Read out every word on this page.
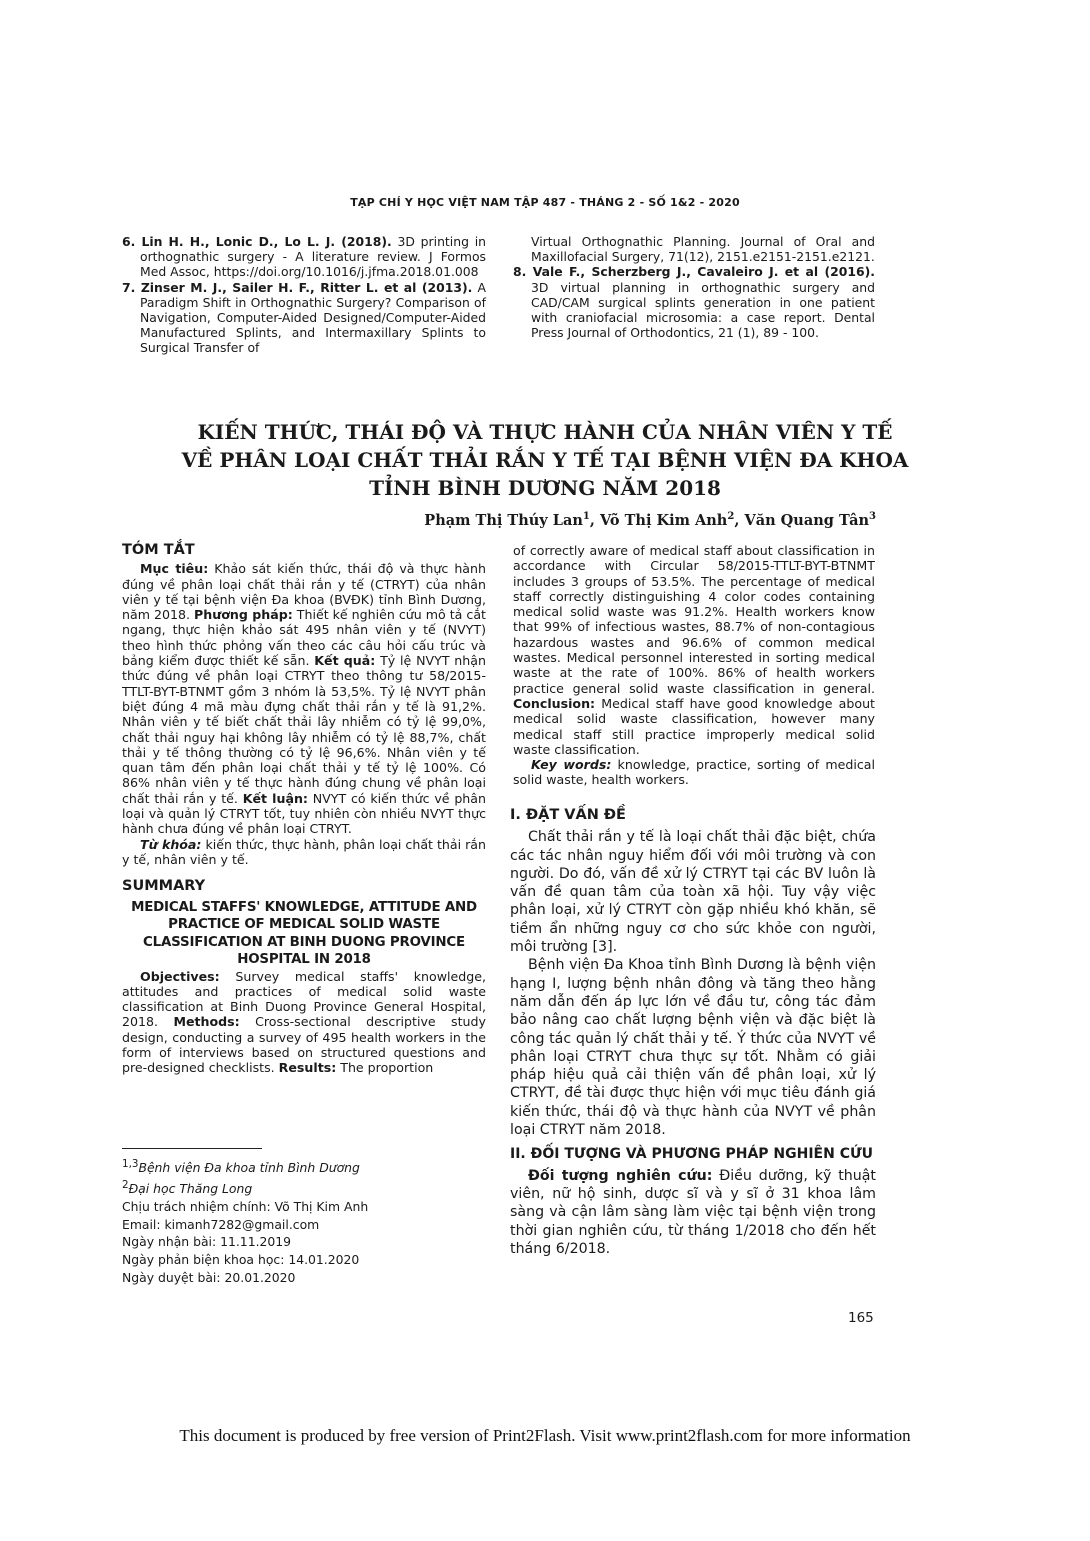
TẠP CHÍ Y HỌC VIỆT NAM TẬP 487 - THÁNG 2 - SỐ 1&2 - 2020

6. Lin H. H., Lonic D., Lo L. J. (2018). 3D printing in orthognathic surgery - A literature review. J Formos Med Assoc, https://doi.org/10.1016/j.jfma.2018.01.008

7. Zinser M. J., Sailer H. F., Ritter L. et al (2013). A Paradigm Shift in Orthognathic Surgery? Comparison of Navigation, Computer-Aided Designed/Computer-Aided Manufactured Splints, and Intermaxillary Splints to Surgical Transfer of

Virtual Orthognathic Planning. Journal of Oral and Maxillofacial Surgery, 71(12), 2151.e2151-2151.e2121.

8. Vale F., Scherzberg J., Cavaleiro J. et al (2016). 3D virtual planning in orthognathic surgery and CAD/CAM surgical splints generation in one patient with craniofacial microsomia: a case report. Dental Press Journal of Orthodontics, 21 (1), 89 - 100.

KIẾN THỨC, THÁI ĐỘ VÀ THỰC HÀNH CỦA NHÂN VIÊN Y TẾ
VỀ PHÂN LOẠI CHẤT THẢI RẮN Y TẾ TẠI BỆNH VIỆN ĐA KHOA
TỈNH BÌNH DƯƠNG NĂM 2018
Phạm Thị Thúy Lan$^1$, Võ Thị Kim Anh$^2$, Văn Quang Tân$^3$

TÓM TẮT

Mục tiêu: Khảo sát kiến thức, thái độ và thực hành đúng về phân loại chất thải rắn y tế (CTRYT) của nhân viên y tế tại bệnh viện Đa khoa (BVĐK) tỉnh Bình Dương, năm 2018. Phương pháp: Thiết kế nghiên cứu mô tả cắt ngang, thực hiện khảo sát 495 nhân viên y tế (NVYT) theo hình thức phỏng vấn theo các câu hỏi cấu trúc và bảng kiểm được thiết kế sẵn. Kết quả: Tỷ lệ NVYT nhận thức đúng về phân loại CTRYT theo thông tư 58/2015-TTLT-BYT-BTNMT gồm 3 nhóm là 53,5%. Tỷ lệ NVYT phân biệt đúng 4 mã màu đựng chất thải rắn y tế là 91,2%. Nhân viên y tế biết chất thải lây nhiễm có tỷ lệ 99,0%, chất thải nguy hại không lây nhiễm có tỷ lệ 88,7%, chất thải y tế thông thường có tỷ lệ 96,6%. Nhân viên y tế quan tâm đến phân loại chất thải y tế tỷ lệ 100%. Có 86% nhân viên y tế thực hành đúng chung về phân loại chất thải rắn y tế. Kết luận: NVYT có kiến thức về phân loại và quản lý CTRYT tốt, tuy nhiên còn nhiều NVYT thực hành chưa đúng về phân loại CTRYT.

Từ khóa: kiến thức, thực hành, phân loại chất thải rắn y tế, nhân viên y tế.

SUMMARY

MEDICAL STAFFS' KNOWLEDGE, ATTITUDE AND PRACTICE OF MEDICAL SOLID WASTE CLASSIFICATION AT BINH DUONG PROVINCE HOSPITAL IN 2018

Objectives: Survey medical staffs' knowledge, attitudes and practices of medical solid waste classification at Binh Duong Province General Hospital, 2018. Methods: Cross-sectional descriptive study design, conducting a survey of 495 health workers in the form of interviews based on structured questions and pre-designed checklists. Results: The proportion

$^{1,3}$Bệnh viện Đa khoa tỉnh Bình Dương
$^2$Đại học Thăng Long
Chịu trách nhiệm chính: Võ Thị Kim Anh
Email: kimanh7282@gmail.com
Ngày nhận bài: 11.11.2019
Ngày phản biện khoa học: 14.01.2020
Ngày duyệt bài: 20.01.2020

of correctly aware of medical staff about classification in accordance with Circular 58/2015-TTLT-BYT-BTNMT includes 3 groups of 53.5%. The percentage of medical staff correctly distinguishing 4 color codes containing medical solid waste was 91.2%. Health workers know that 99% of infectious wastes, 88.7% of non-contagious hazardous wastes and 96.6% of common medical wastes. Medical personnel interested in sorting medical waste at the rate of 100%. 86% of health workers practice general solid waste classification in general. Conclusion: Medical staff have good knowledge about medical solid waste classification, however many medical staff still practice improperly medical solid waste classification.

Key words: knowledge, practice, sorting of medical solid waste, health workers.

I. ĐẶT VẤN ĐỀ

Chất thải rắn y tế là loại chất thải đặc biệt, chứa các tác nhân nguy hiểm đối với môi trường và con người. Do đó, vấn đề xử lý CTRYT tại các BV luôn là vấn đề quan tâm của toàn xã hội. Tuy vậy việc phân loại, xử lý CTRYT còn gặp nhiều khó khăn, sẽ tiềm ẩn những nguy cơ cho sức khỏe con người, môi trường [3].

Bệnh viện Đa Khoa tỉnh Bình Dương là bệnh viện hạng I, lượng bệnh nhân đông và tăng theo hằng năm dẫn đến áp lực lớn về đầu tư, công tác đảm bảo nâng cao chất lượng bệnh viện và đặc biệt là công tác quản lý chất thải y tế. Ý thức của NVYT về phân loại CTRYT chưa thực sự tốt. Nhằm có giải pháp hiệu quả cải thiện vấn đề phân loại, xử lý CTRYT, đề tài được thực hiện với mục tiêu đánh giá kiến thức, thái độ và thực hành của NVYT về phân loại CTRYT năm 2018.

II. ĐỐI TƯỢNG VÀ PHƯƠNG PHÁP NGHIÊN CỨU

Đối tượng nghiên cứu: Điều dưỡng, kỹ thuật viên, nữ hộ sinh, dược sĩ và y sĩ ở 31 khoa lâm sàng và cận lâm sàng làm việc tại bệnh viện trong thời gian nghiên cứu, từ tháng 1/2018 cho đến hết tháng 6/2018.

165
This document is produced by free version of Print2Flash. Visit www.print2flash.com for more information
